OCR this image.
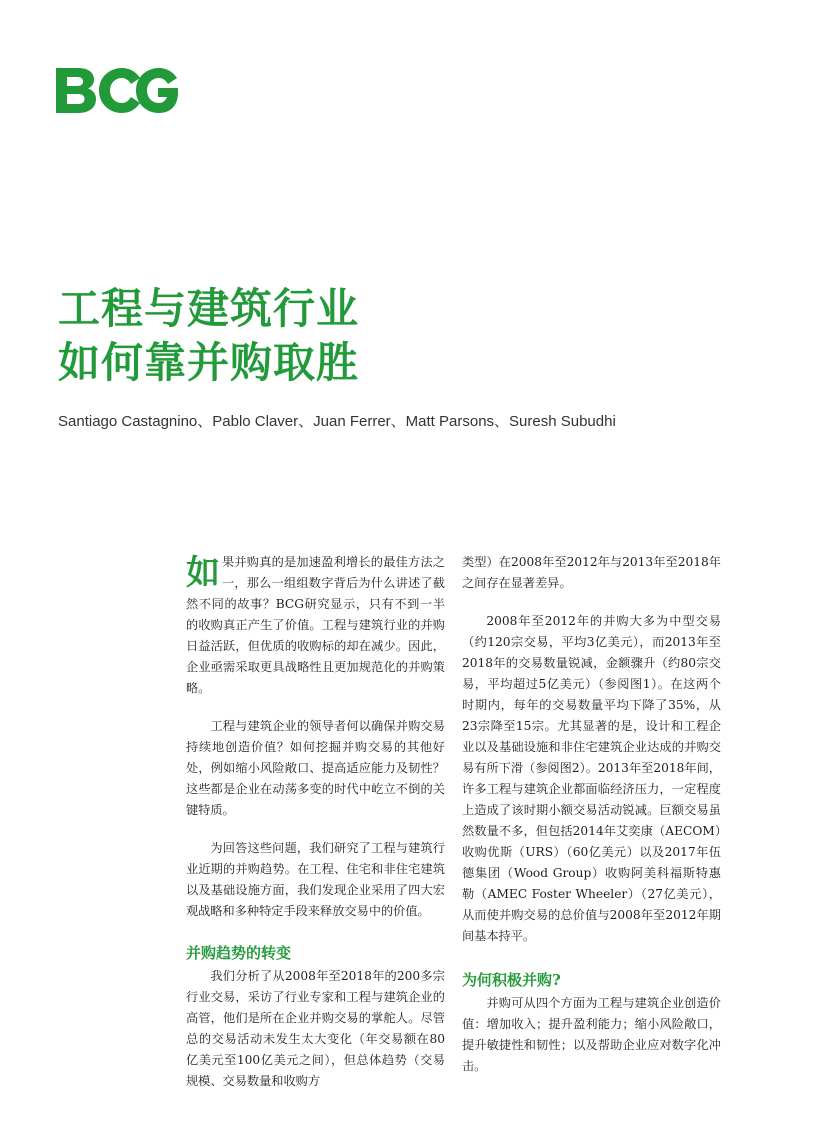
工程与建筑行业
如何靠并购取胜

Santiago Castagnino、Pablo Claver、Juan Ferrer、Matt Parsons、Suresh Subudhi

如果并购真的是加速盈利增长的最佳方法之一，那么一组组数字背后为什么讲述了截然不同的故事？BCG研究显示，只有不到一半的收购真正产生了价值。工程与建筑行业的并购日益活跃，但优质的收购标的却在减少。因此，企业亟需采取更具战略性且更加规范化的并购策略。

工程与建筑企业的领导者何以确保并购交易持续地创造价值？如何挖掘并购交易的其他好处，例如缩小风险敞口、提高适应能力及韧性？这些都是企业在动荡多变的时代中屹立不倒的关键特质。

为回答这些问题，我们研究了工程与建筑行业近期的并购趋势。在工程、住宅和非住宅建筑以及基础设施方面，我们发现企业采用了四大宏观战略和多种特定手段来释放交易中的价值。

并购趋势的转变

我们分析了从2008年至2018年的200多宗行业交易，采访了行业专家和工程与建筑企业的高管，他们是所在企业并购交易的掌舵人。尽管总的交易活动未发生太大变化（年交易额在80亿美元至100亿美元之间），但总体趋势（交易规模、交易数量和收购方

类型）在2008年至2012年与2013年至2018年之间存在显著差异。

2008年至2012年的并购大多为中型交易（约120宗交易，平均3亿美元），而2013年至2018年的交易数量锐减，金额骤升（约80宗交易，平均超过5亿美元）（参阅图1）。在这两个时期内，每年的交易数量平均下降了35%，从23宗降至15宗。尤其显著的是，设计和工程企业以及基础设施和非住宅建筑企业达成的并购交易有所下滑（参阅图2）。2013年至2018年间，许多工程与建筑企业都面临经济压力，一定程度上造成了该时期小额交易活动锐减。巨额交易虽然数量不多，但包括2014年艾奕康（AECOM）收购优斯（URS）（60亿美元）以及2017年伍德集团（Wood Group）收购阿美科福斯特惠勒（AMEC Foster Wheeler）（27亿美元），从而使并购交易的总价值与2008年至2012年期间基本持平。

为何积极并购?

并购可从四个方面为工程与建筑企业创造价值：增加收入；提升盈利能力；缩小风险敞口，提升敏捷性和韧性；以及帮助企业应对数字化冲击。
